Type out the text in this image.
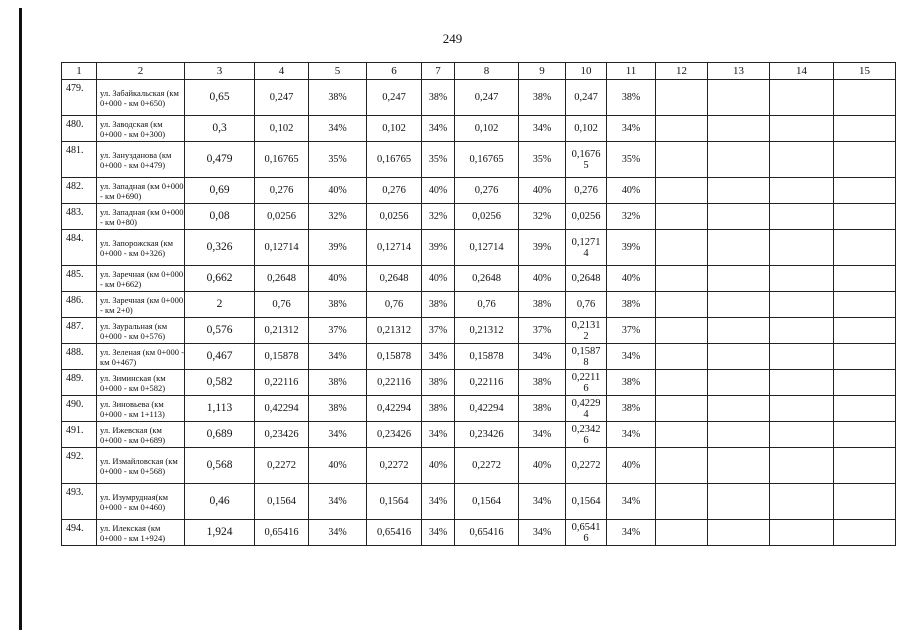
249
1	2	3	4	5	6	7	8	9	10	11	12	13	14	15
479.	ул. Забайкальская (км 0+000 - км 0+650)	0,65	0,247	38%	0,247	38%	0,247	38%	0,247	38%				
480.	ул. Заводская (км 0+000 - км 0+300)	0,3	0,102	34%	0,102	34%	0,102	34%	0,102	34%				
481.	ул. Занузданова (км 0+000 - км 0+479)	0,479	0,16765	35%	0,16765	35%	0,16765	35%	0,16765	35%				
482.	ул. Западная (км 0+000 - км 0+690)	0,69	0,276	40%	0,276	40%	0,276	40%	0,276	40%				
483.	ул. Западная (км 0+000 - км 0+80)	0,08	0,0256	32%	0,0256	32%	0,0256	32%	0,0256	32%				
484.	ул. Запорожская (км 0+000 - км 0+326)	0,326	0,12714	39%	0,12714	39%	0,12714	39%	0,12714	39%				
485.	ул. Заречная (км 0+000 - км 0+662)	0,662	0,2648	40%	0,2648	40%	0,2648	40%	0,2648	40%				
486.	ул. Заречная (км 0+000 - км 2+0)	2	0,76	38%	0,76	38%	0,76	38%	0,76	38%				
487.	ул. Зауральная (км 0+000 - км 0+576)	0,576	0,21312	37%	0,21312	37%	0,21312	37%	0,21312	37%				
488.	ул. Зеленая (км 0+000 - км 0+467)	0,467	0,15878	34%	0,15878	34%	0,15878	34%	0,15878	34%				
489.	ул. Зиминская (км 0+000 - км 0+582)	0,582	0,22116	38%	0,22116	38%	0,22116	38%	0,22116	38%				
490.	ул. Зиновьева (км 0+000 - км 1+113)	1,113	0,42294	38%	0,42294	38%	0,42294	38%	0,42294	38%				
491.	ул. Ижевская (км 0+000 - км 0+689)	0,689	0,23426	34%	0,23426	34%	0,23426	34%	0,23426	34%				
492.	ул. Измайловская (км 0+000 - км 0+568)	0,568	0,2272	40%	0,2272	40%	0,2272	40%	0,2272	40%				
493.	ул. Изумрудная(км 0+000 - км 0+460)	0,46	0,1564	34%	0,1564	34%	0,1564	34%	0,1564	34%				
494.	ул. Илекская (км 0+000 - км 1+924)	1,924	0,65416	34%	0,65416	34%	0,65416	34%	0,65416	34%				
